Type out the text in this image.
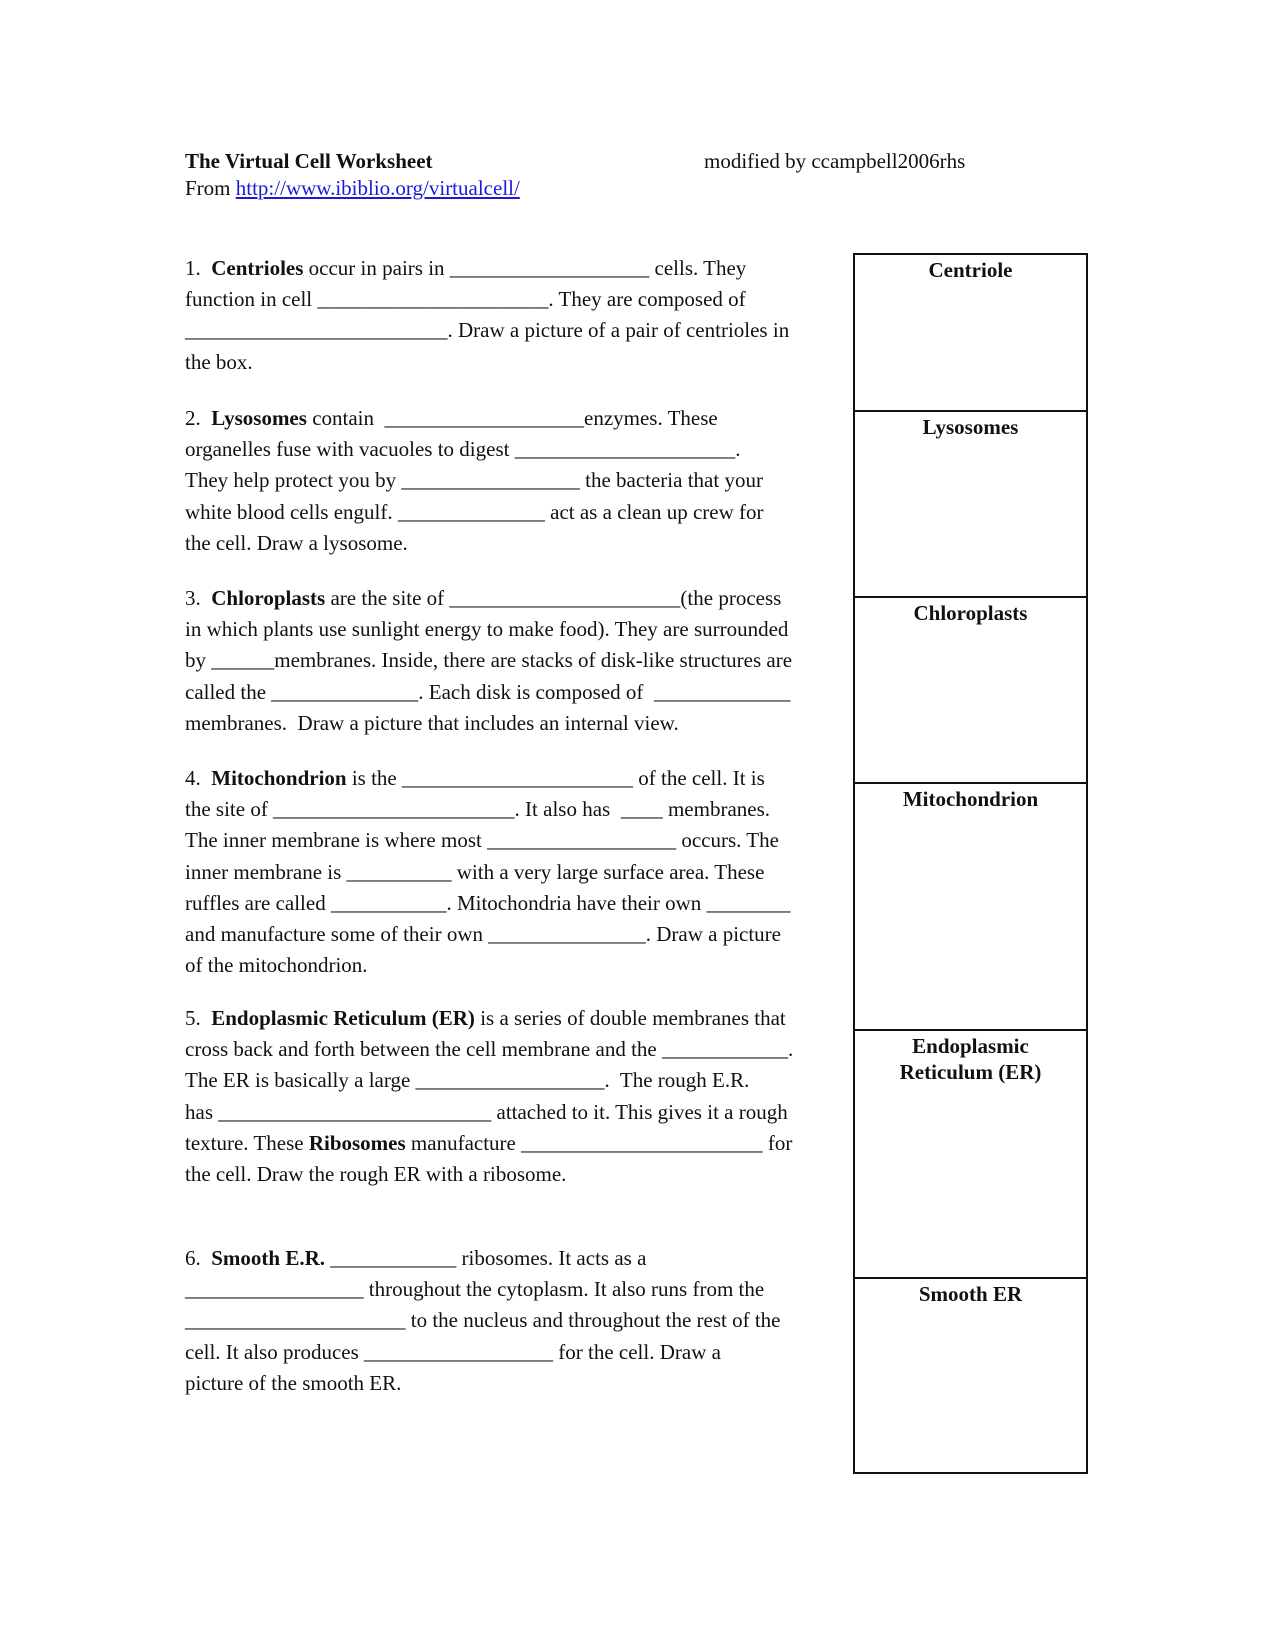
The Virtual Cell Worksheet	modified by ccampbell2006rhs
From http://www.ibiblio.org/virtualcell/
1.  Centrioles occur in pairs in ___________________ cells. They
function in cell ______________________. They are composed of
_________________________. Draw a picture of a pair of centrioles in
the box.
2.  Lysosomes contain  ___________________enzymes. These
organelles fuse with vacuoles to digest _____________________.
They help protect you by _________________ the bacteria that your
white blood cells engulf. ______________ act as a clean up crew for
the cell. Draw a lysosome.
3.  Chloroplasts are the site of ______________________(the process
in which plants use sunlight energy to make food). They are surrounded
by ______membranes. Inside, there are stacks of disk-like structures are
called the ______________. Each disk is composed of  _____________
membranes.  Draw a picture that includes an internal view.
4.  Mitochondrion is the ______________________ of the cell. It is
the site of _______________________. It also has  ____ membranes.
The inner membrane is where most __________________ occurs. The
inner membrane is __________ with a very large surface area. These
ruffles are called ___________. Mitochondria have their own ________
and manufacture some of their own _______________. Draw a picture
of the mitochondrion.
5.  Endoplasmic Reticulum (ER) is a series of double membranes that
cross back and forth between the cell membrane and the ____________.
The ER is basically a large __________________.  The rough E.R.
has __________________________ attached to it. This gives it a rough
texture. These Ribosomes manufacture _______________________ for
the cell. Draw the rough ER with a ribosome.
6.  Smooth E.R. ____________ ribosomes. It acts as a
_________________ throughout the cytoplasm. It also runs from the
_____________________ to the nucleus and throughout the rest of the
cell. It also produces __________________ for the cell. Draw a
picture of the smooth ER.
Centriole
Lysosomes
Chloroplasts
Mitochondrion
Endoplasmic
Reticulum (ER)
Smooth ER
